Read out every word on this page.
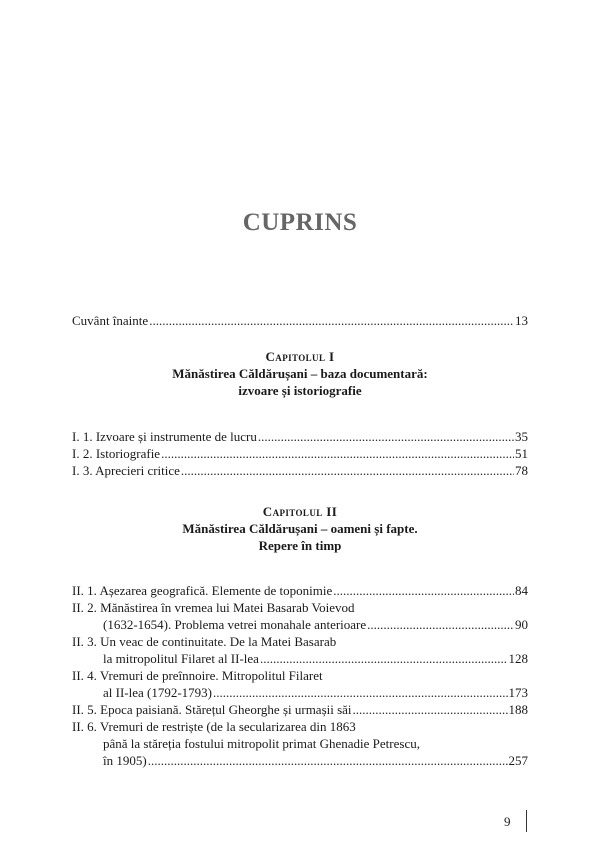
CUPRINS
Cuvânt înainte .....	13
Capitolul I
Mănăstirea Căldărușani – baza documentară:
izvoare și istoriografie
I. 1. Izvoare și instrumente de lucru .....	35
I. 2. Istoriografie .....	51
I. 3. Aprecieri critice .....	78
Capitolul II
Mănăstirea Căldărușani – oameni și fapte.
Repere în timp
II. 1. Așezarea geografică. Elemente de toponimie .....	84
II. 2. Mănăstirea în vremea lui Matei Basarab Voievod
(1632-1654). Problema vetrei monahale anterioare .....	90
II. 3. Un veac de continuitate. De la Matei Basarab
la mitropolitul Filaret al II-lea .....	128
II. 4. Vremuri de preînnoire. Mitropolitul Filaret
al II-lea (1792-1793) .....	173
II. 5. Epoca paisiană. Stărețul Gheorghe și urmașii săi .....	188
II. 6. Vremuri de restriște (de la secularizarea din 1863
până la stăreția fostului mitropolit primat Ghenadie Petrescu,
în 1905) .....	257
9
